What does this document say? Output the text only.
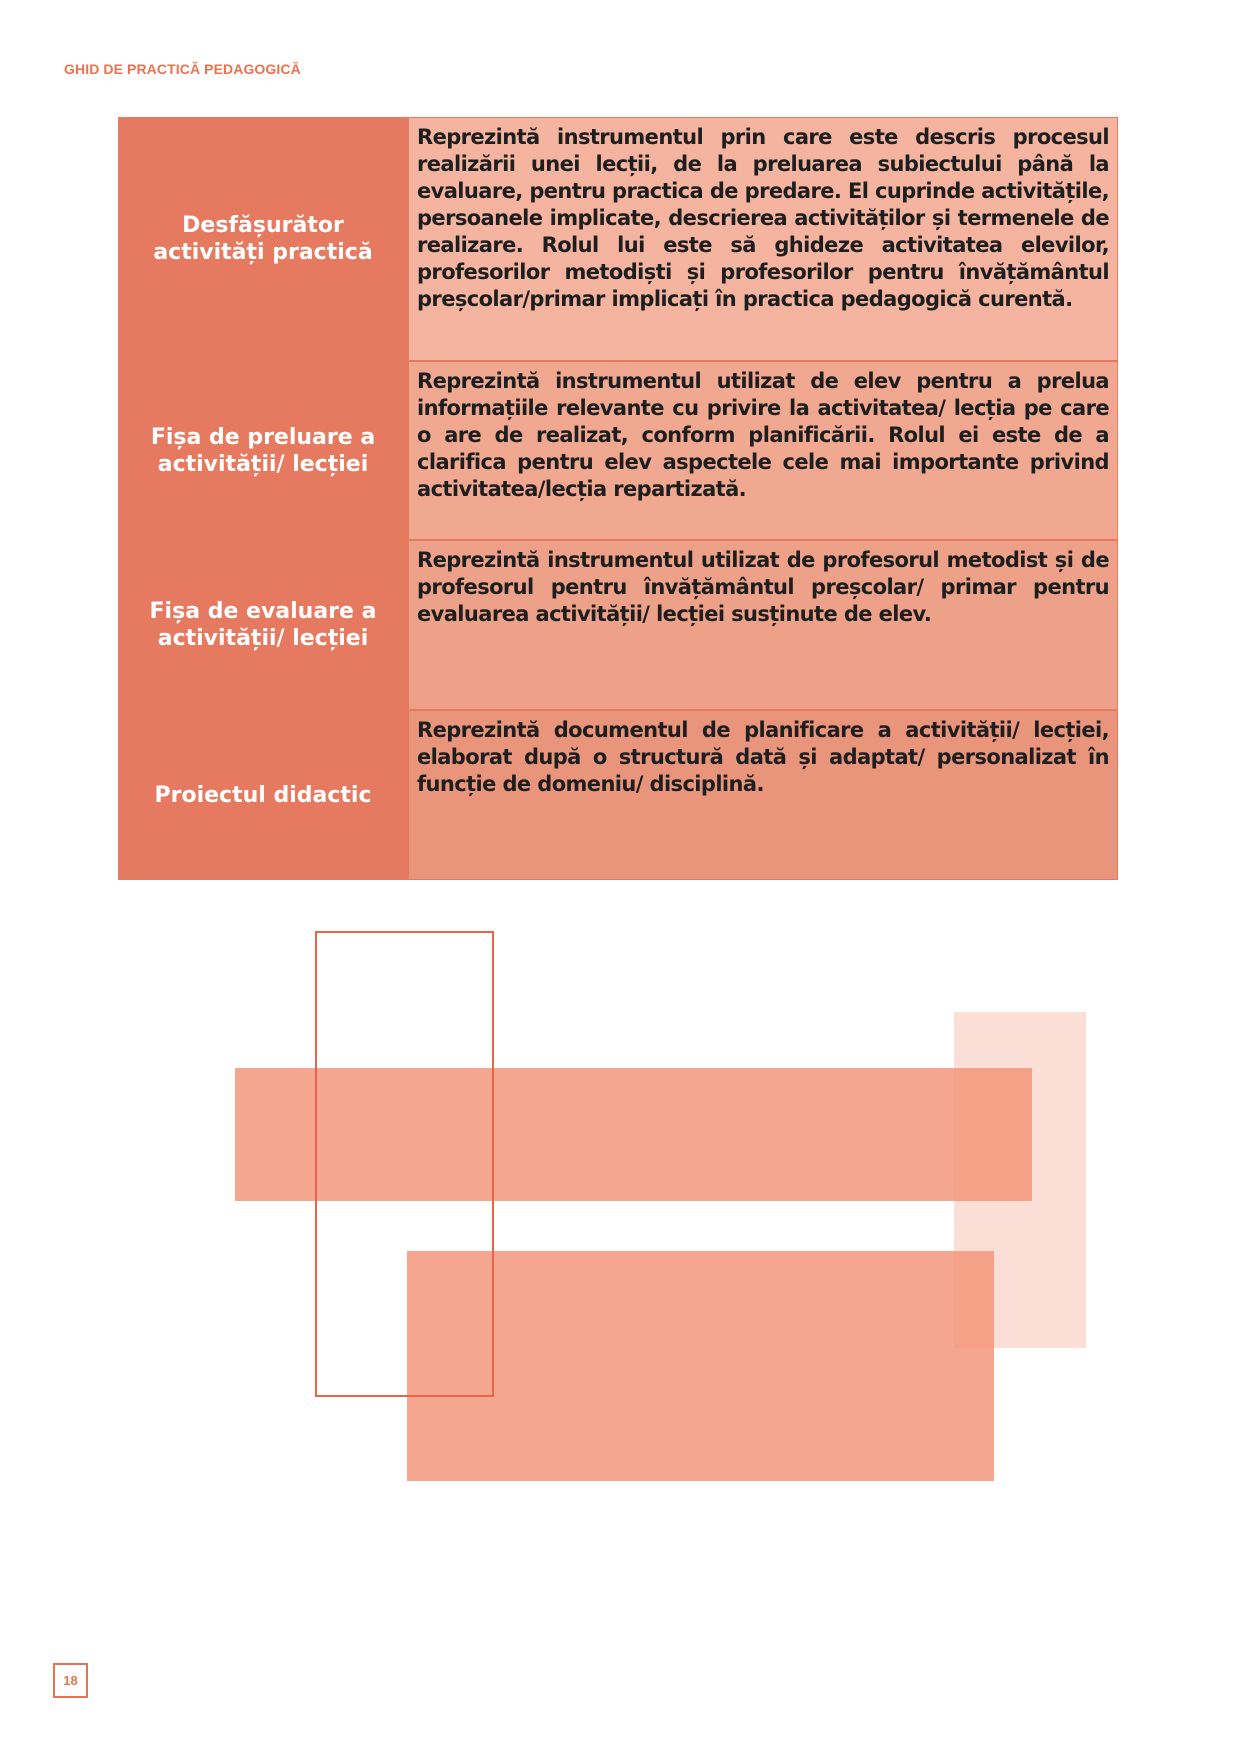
GHID DE PRACTICĂ PEDAGOGICĂ
Desfășurător activități practică
Reprezintă instrumentul prin care este descris procesul realizării unei lecții, de la preluarea subiectului până la evaluare, pentru practica de predare. El cuprinde activitățile, persoanele implicate, descrierea activităților și termenele de realizare. Rolul lui este să ghideze activitatea elevilor, profesorilor metodiști și profesorilor pentru învățământul preșcolar/primar implicați în practica pedagogică curentă.
Fișa de preluare a activității/ lecției
Reprezintă instrumentul utilizat de elev pentru a prelua informațiile relevante cu privire la activitatea/ lecția pe care o are de realizat, conform planificării. Rolul ei este de a clarifica pentru elev aspectele cele mai importante privind activitatea/lecția repartizată.
Fișa de evaluare a activității/ lecției
Reprezintă instrumentul utilizat de profesorul metodist și de profesorul pentru învățământul preșcolar/ primar pentru evaluarea activității/ lecției susținute de elev.
Proiectul didactic
Reprezintă documentul de planificare a activității/ lecției, elaborat după o structură dată și adaptat/ personalizat în funcție de domeniu/ disciplină.
18
